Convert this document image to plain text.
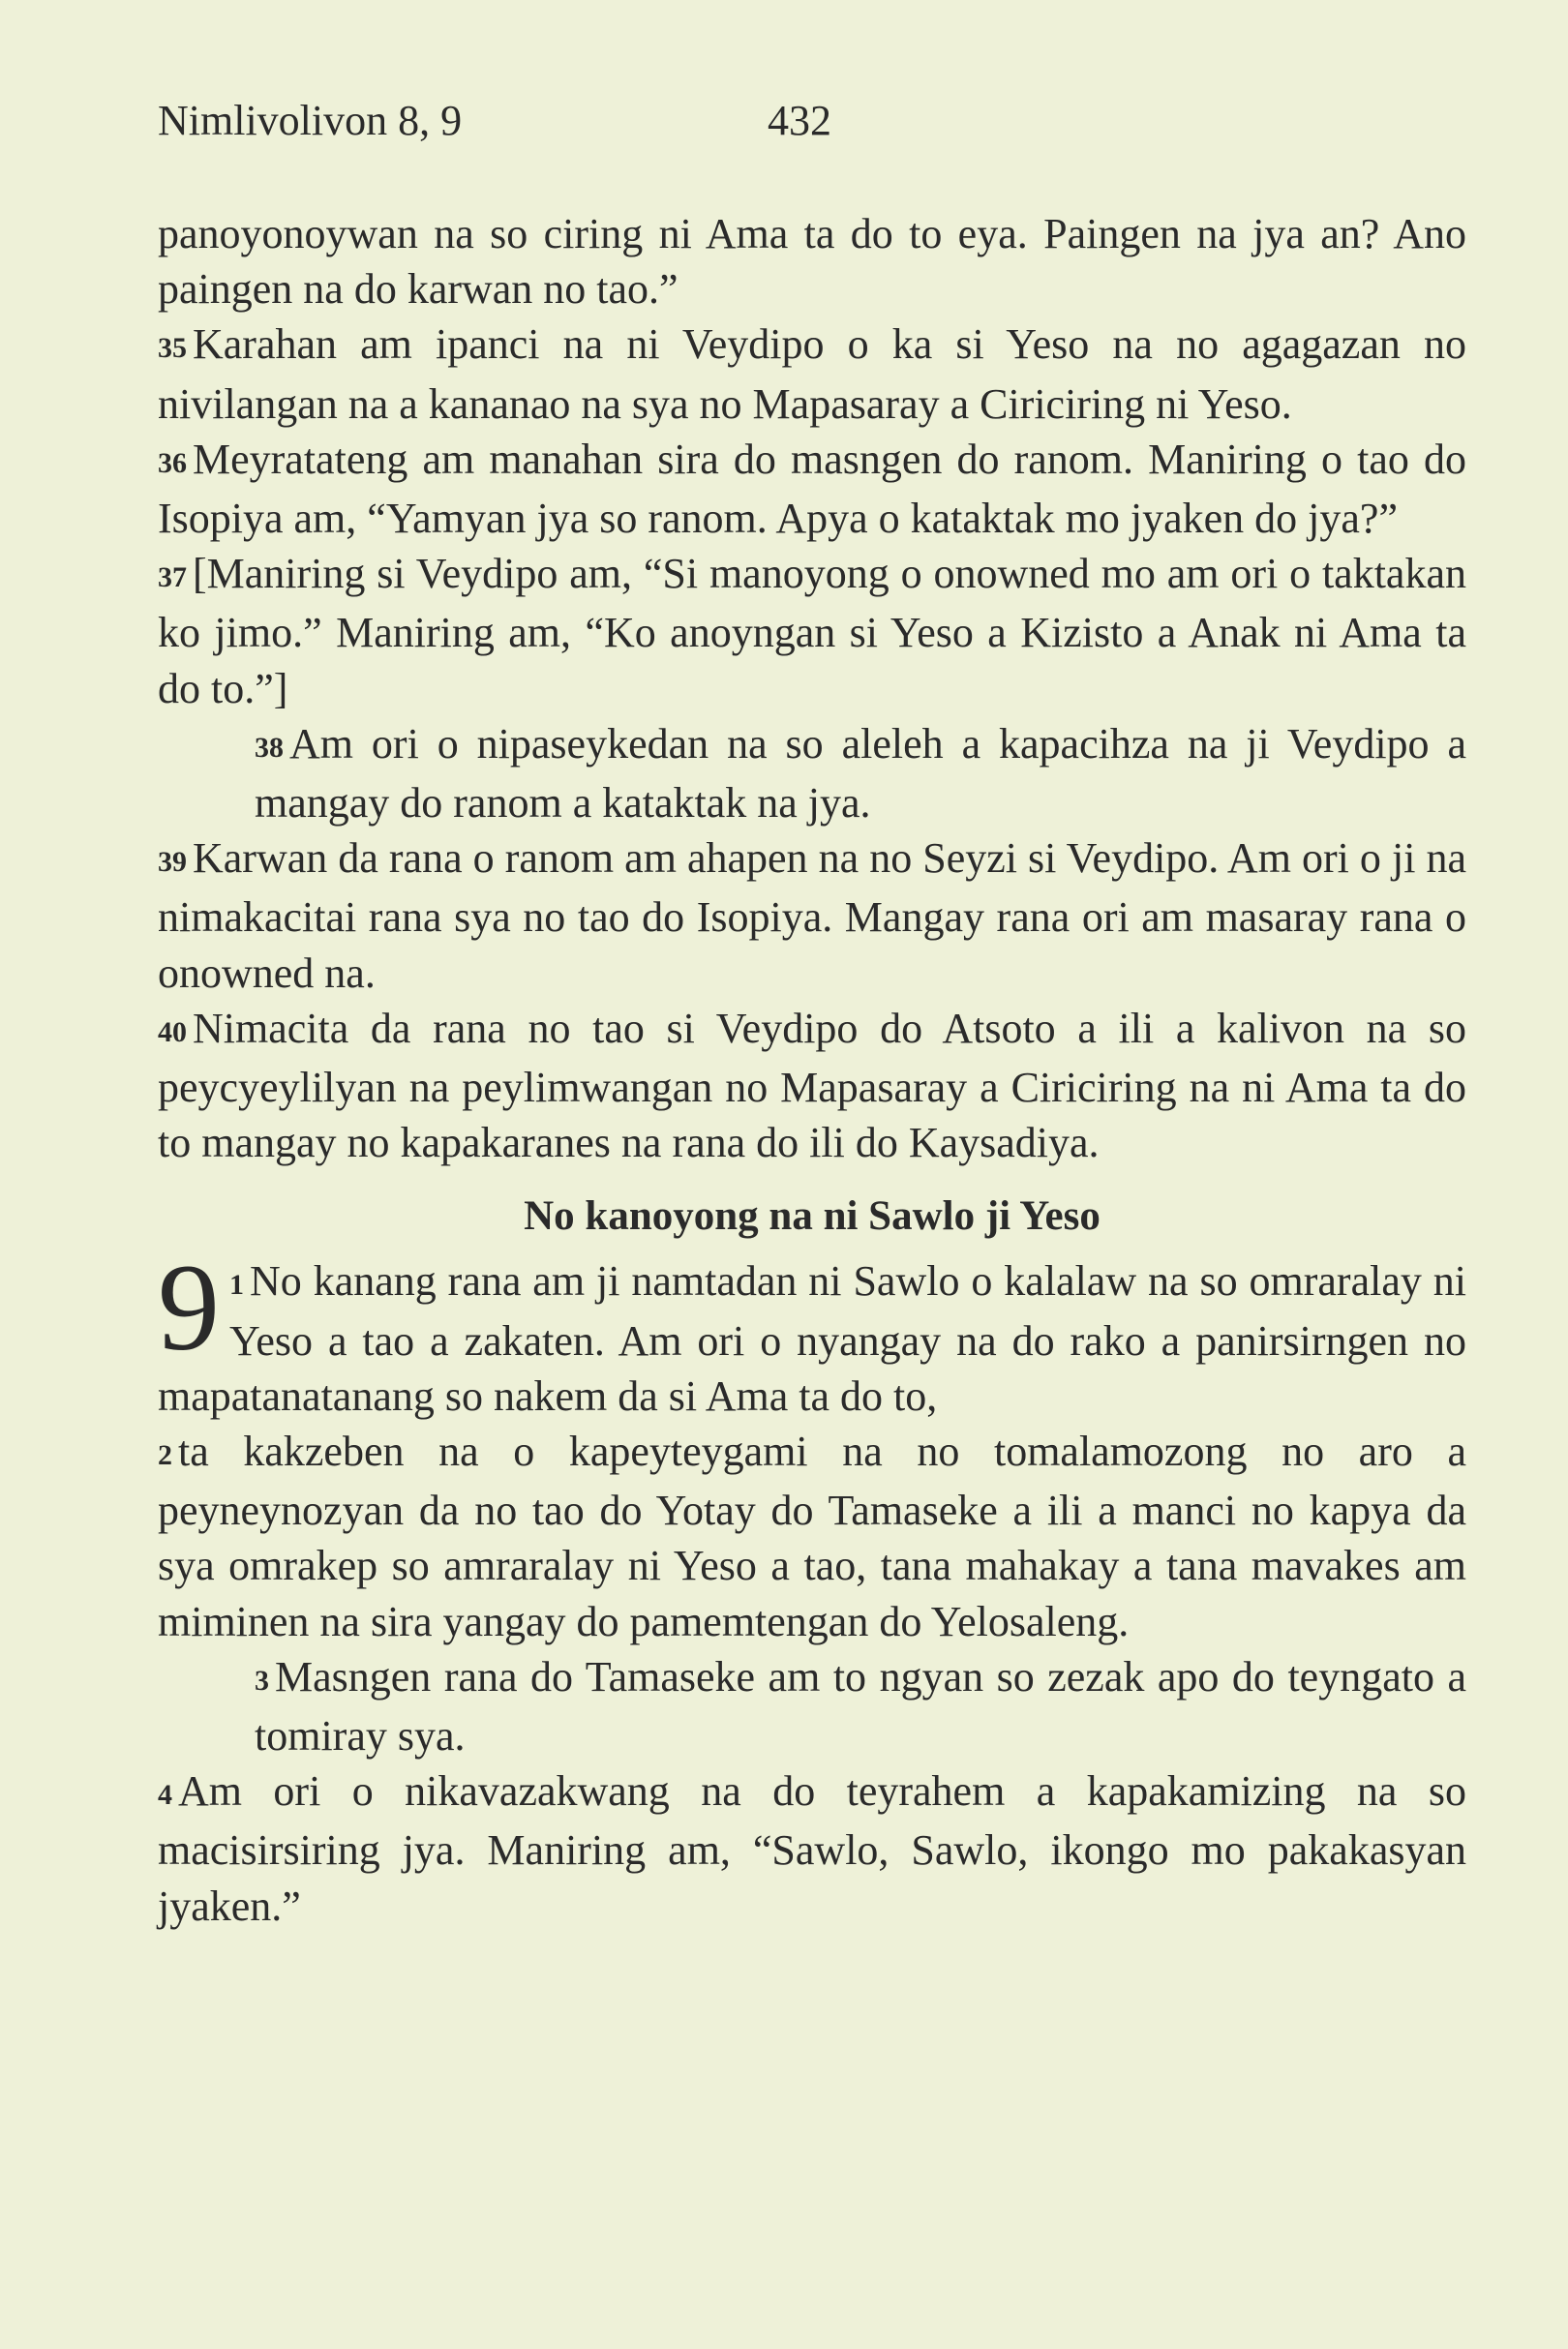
Nimlivolivon 8, 9	432

panoyonoywan na so ciring ni Ama ta do to eya. Paingen na jya an? Ano paingen na do karwan no tao.”

35 Karahan am ipanci na ni Veydipo o ka si Yeso na no agagazan no nivilangan na a kananao na sya no Mapasaray a Ciriciring ni Yeso.

36 Meyratateng am manahan sira do masngen do ranom. Maniring o tao do Isopiya am, “Yamyan jya so ranom. Apya o kataktak mo jyaken do jya?”

37 [Maniring si Veydipo am, “Si manoyong o onowned mo am ori o taktakan ko jimo.” Maniring am, “Ko anoyngan si Yeso a Kizisto a Anak ni Ama ta do to.”]

38 Am ori o nipaseykedan na so aleleh a kapacihza na ji Veydipo a mangay do ranom a kataktak na jya.

39 Karwan da rana o ranom am ahapen na no Seyzi si Veydipo. Am ori o ji na nimakacitai rana sya no tao do Isopiya. Mangay rana ori am masaray rana o onowned na.

40 Nimacita da rana no tao si Veydipo do Atsoto a ili a kalivon na so peycyeylilyan na peylimwangan no Mapasaray a Ciriciring na ni Ama ta do to mangay no kapakaranes na rana do ili do Kaysadiya.

No kanoyong na ni Sawlo ji Yeso

9 1 No kanang rana am ji namtadan ni Sawlo o kalalaw na so omraralay ni Yeso a tao a zakaten. Am ori o nyangay na do rako a panirsirngen no mapatanatanang so nakem da si Ama ta do to,

2 ta kakzeben na o kapeyteygami na no tomalamozong no aro a peyneynozyan da no tao do Yotay do Tamaseke a ili a manci no kapya da sya omrakep so amraralay ni Yeso a tao, tana mahakay a tana mavakes am miminen na sira yangay do pamemtengan do Yelosaleng.

3 Masngen rana do Tamaseke am to ngyan so zezak apo do teyngato a tomiray sya.

4 Am ori o nikavazakwang na do teyrahem a kapakamizing na so macisirsiring jya. Maniring am, “Sawlo, Sawlo, ikongo mo pakakasyan jyaken.”
